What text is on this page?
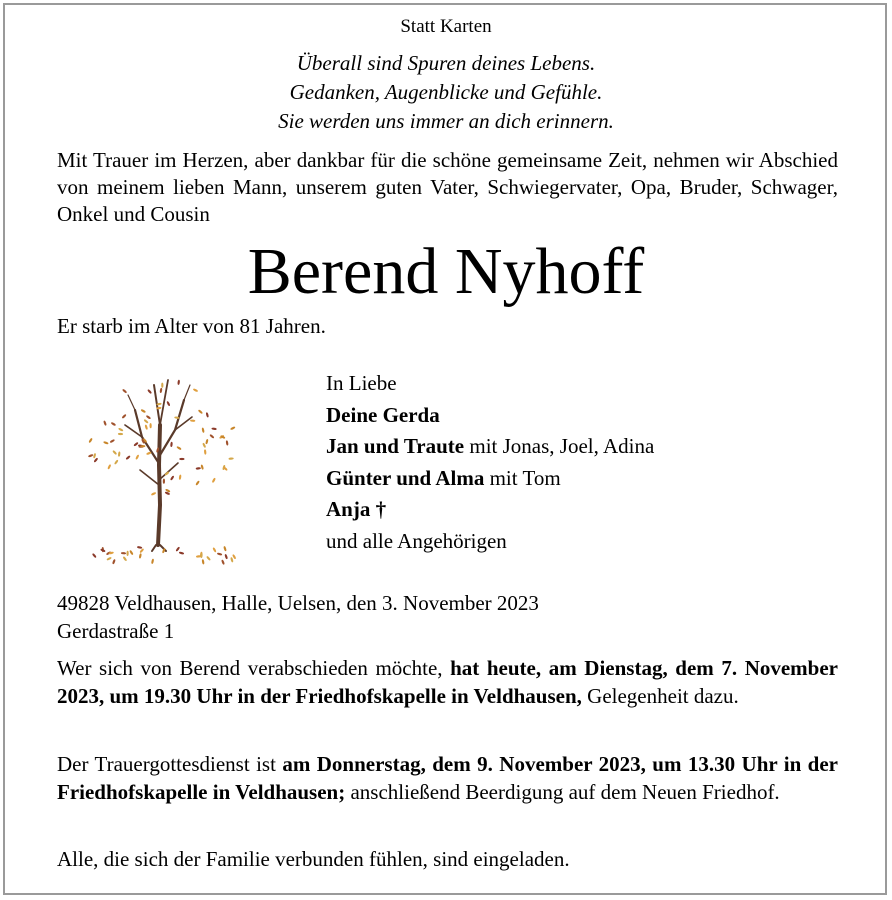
Statt Karten
Überall sind Spuren deines Lebens.
Gedanken, Augenblicke und Gefühle.
Sie werden uns immer an dich erinnern.
Mit Trauer im Herzen, aber dankbar für die schöne gemeinsame Zeit, nehmen wir Abschied von meinem lieben Mann, unserem guten Vater, Schwiegervater, Opa, Bruder, Schwager, Onkel und Cousin
Berend Nyhoff
Er starb im Alter von 81 Jahren.
In Liebe
Deine Gerda
Jan und Traute mit Jonas, Joel, Adina
Günter und Alma mit Tom
Anja †
und alle Angehörigen
49828 Veldhausen, Halle, Uelsen, den 3. November 2023
Gerdastraße 1
Wer sich von Berend verabschieden möchte, hat heute, am Dienstag, dem 7. November 2023, um 19.30 Uhr in der Friedhofskapelle in Veldhausen, Gelegenheit dazu.
Der Trauergottesdienst ist am Donnerstag, dem 9. November 2023, um 13.30 Uhr in der Friedhofskapelle in Veldhausen; anschließend Beerdigung auf dem Neuen Friedhof.
Alle, die sich der Familie verbunden fühlen, sind eingeladen.
